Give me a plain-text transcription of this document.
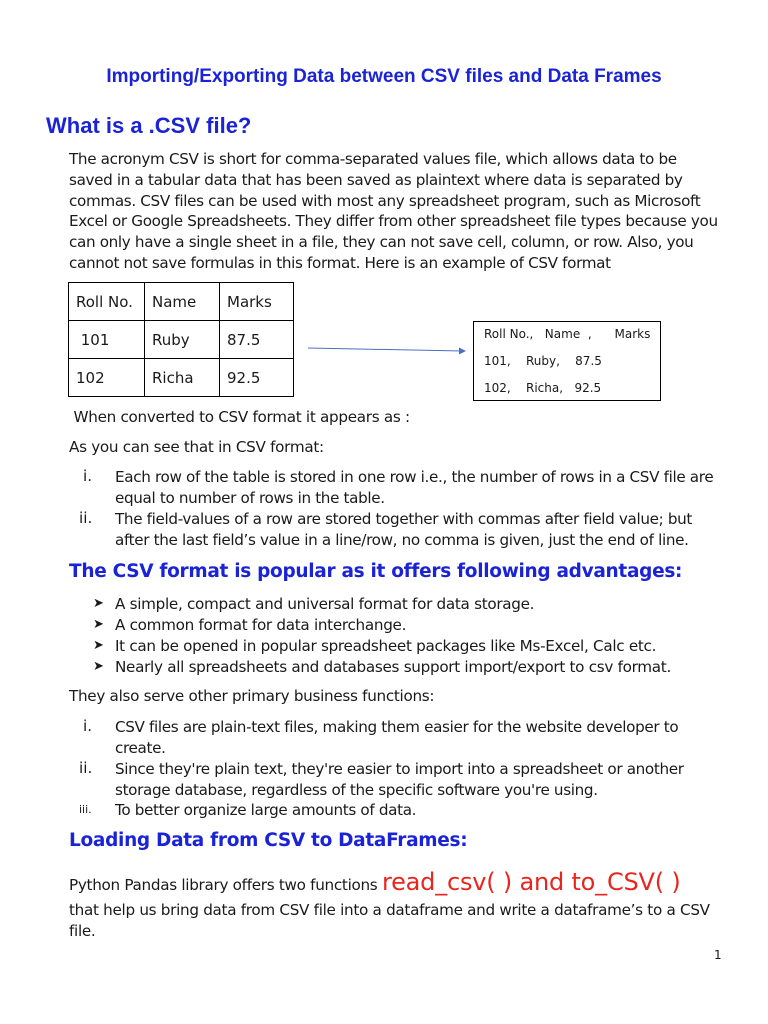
Importing/Exporting Data between CSV files and Data Frames
What is a .CSV file?
The acronym CSV is short for comma-separated values file, which allows data to be
saved in a tabular data that has been saved as plaintext where data is separated by
commas. CSV files can be used with most any spreadsheet program, such as Microsoft
Excel or Google Spreadsheets. They differ from other spreadsheet file types because you
can only have a single sheet in a file, they can not save cell, column, or row. Also, you
cannot not save formulas in this format. Here is an example of CSV format
Roll No.	Name	Marks
101	Ruby	87.5
102	Richa	92.5
Roll No.,   Name  ,      Marks
101,    Ruby,    87.5
102,    Richa,   92.5
When converted to CSV format it appears as :
As you can see that in CSV format:
i. Each row of the table is stored in one row i.e., the number of rows in a CSV file are
equal to number of rows in the table.
ii. The field-values of a row are stored together with commas after field value; but
after the last field’s value in a line/row, no comma is given, just the end of line.
The CSV format is popular as it offers following advantages:
➤ A simple, compact and universal format for data storage.
➤ A common format for data interchange.
➤ It can be opened in popular spreadsheet packages like Ms-Excel, Calc etc.
➤ Nearly all spreadsheets and databases support import/export to csv format.
They also serve other primary business functions:
i. CSV files are plain-text files, making them easier for the website developer to
create.
ii. Since they're plain text, they're easier to import into a spreadsheet or another
storage database, regardless of the specific software you're using.
iii. To better organize large amounts of data.
Loading Data from CSV to DataFrames:
Python Pandas library offers two functions read_csv( ) and to_CSV( )
that help us bring data from CSV file into a dataframe and write a dataframe’s to a CSV
file.
1
